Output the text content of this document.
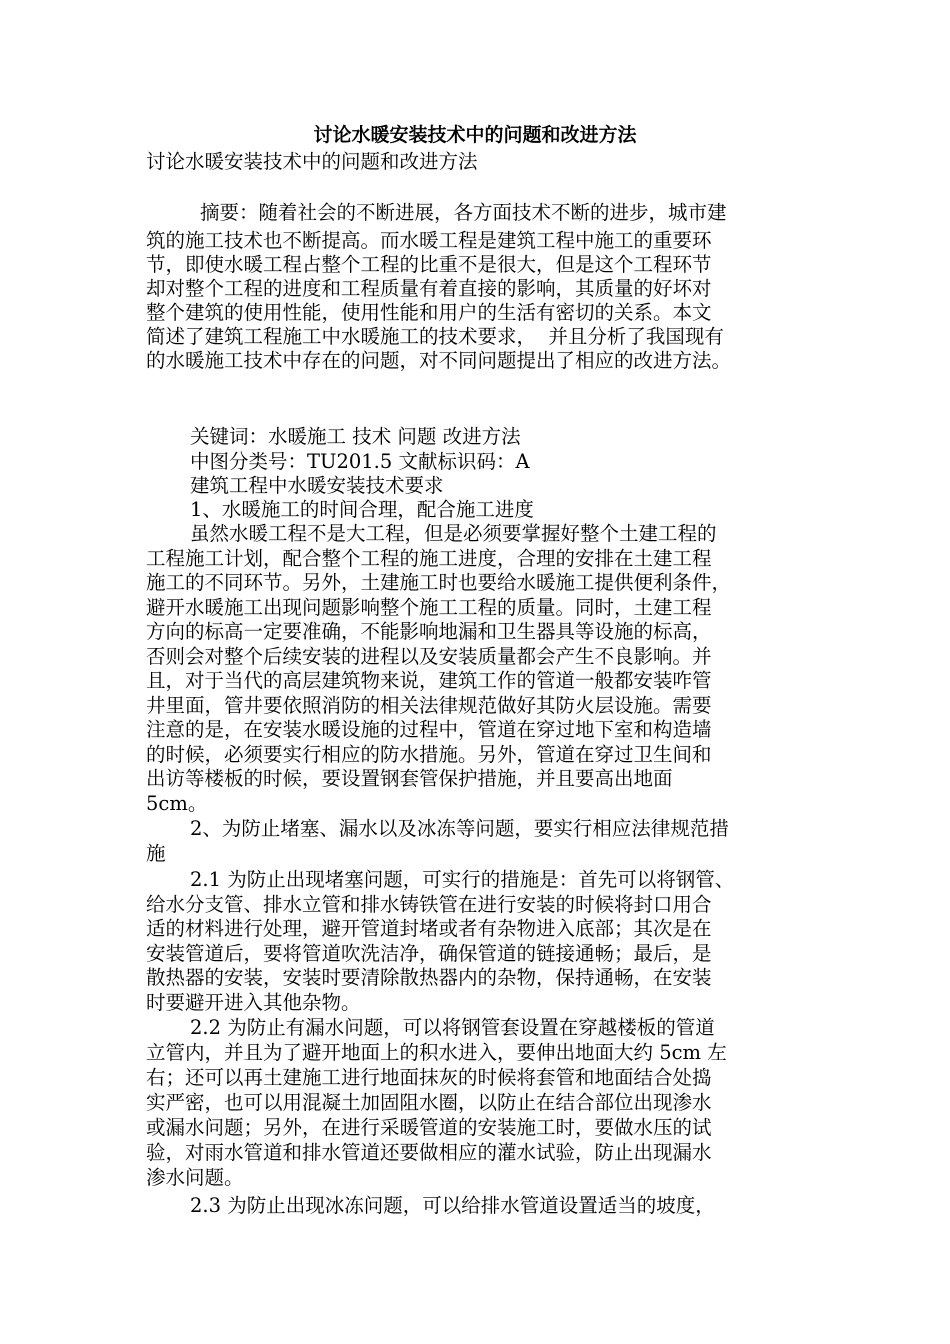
讨论水暖安装技术中的问题和改进方法

讨论水暖安装技术中的问题和改进方法

摘要：随着社会的不断进展，各方面技术不断的进步，城市建

筑的施工技术也不断提高。而水暖工程是建筑工程中施工的重要环

节，即使水暖工程占整个工程的比重不是很大，但是这个工程环节

却对整个工程的进度和工程质量有着直接的影响，其质量的好坏对

整个建筑的使用性能，使用性能和用户的生活有密切的关系。本文

简述了建筑工程施工中水暖施工的技术要求，  并且分析了我国现有

的水暖施工技术中存在的问题，对不同问题提出了相应的改进方法。

关键词：水暖施工 技术 问题 改进方法

中图分类号：TU201.5 文献标识码：A

建筑工程中水暖安装技术要求

1、水暖施工的时间合理，配合施工进度

虽然水暖工程不是大工程，但是必须要掌握好整个土建工程的

工程施工计划，配合整个工程的施工进度，合理的安排在土建工程

施工的不同环节。另外，土建施工时也要给水暖施工提供便利条件，

避开水暖施工出现问题影响整个施工工程的质量。同时，土建工程

方向的标高一定要准确，不能影响地漏和卫生器具等设施的标高，

否则会对整个后续安装的进程以及安装质量都会产生不良影响。并

且，对于当代的高层建筑物来说，建筑工作的管道一般都安装咋管

井里面，管井要依照消防的相关法律规范做好其防火层设施。需要

注意的是，在安装水暖设施的过程中，管道在穿过地下室和构造墙

的时候，必须要实行相应的防水措施。另外，管道在穿过卫生间和

出访等楼板的时候，要设置钢套管保护措施，并且要高出地面

5cm。

2、为防止堵塞、漏水以及冰冻等问题，要实行相应法律规范措

施

2.1 为防止出现堵塞问题，可实行的措施是：首先可以将钢管、

给水分支管、排水立管和排水铸铁管在进行安装的时候将封口用合

适的材料进行处理，避开管道封堵或者有杂物进入底部；其次是在

安装管道后，要将管道吹洗洁净，确保管道的链接通畅；最后，是

散热器的安装，安装时要清除散热器内的杂物，保持通畅，在安装

时要避开进入其他杂物。

2.2 为防止有漏水问题，可以将钢管套设置在穿越楼板的管道

立管内，并且为了避开地面上的积水进入，要伸出地面大约 5cm 左

右；还可以再土建施工进行地面抹灰的时候将套管和地面结合处捣

实严密，也可以用混凝土加固阻水圈，以防止在结合部位出现渗水

或漏水问题；另外，在进行采暖管道的安装施工时，要做水压的试

验，对雨水管道和排水管道还要做相应的灌水试验，防止出现漏水

渗水问题。

2.3 为防止出现冰冻问题，可以给排水管道设置适当的坡度，
